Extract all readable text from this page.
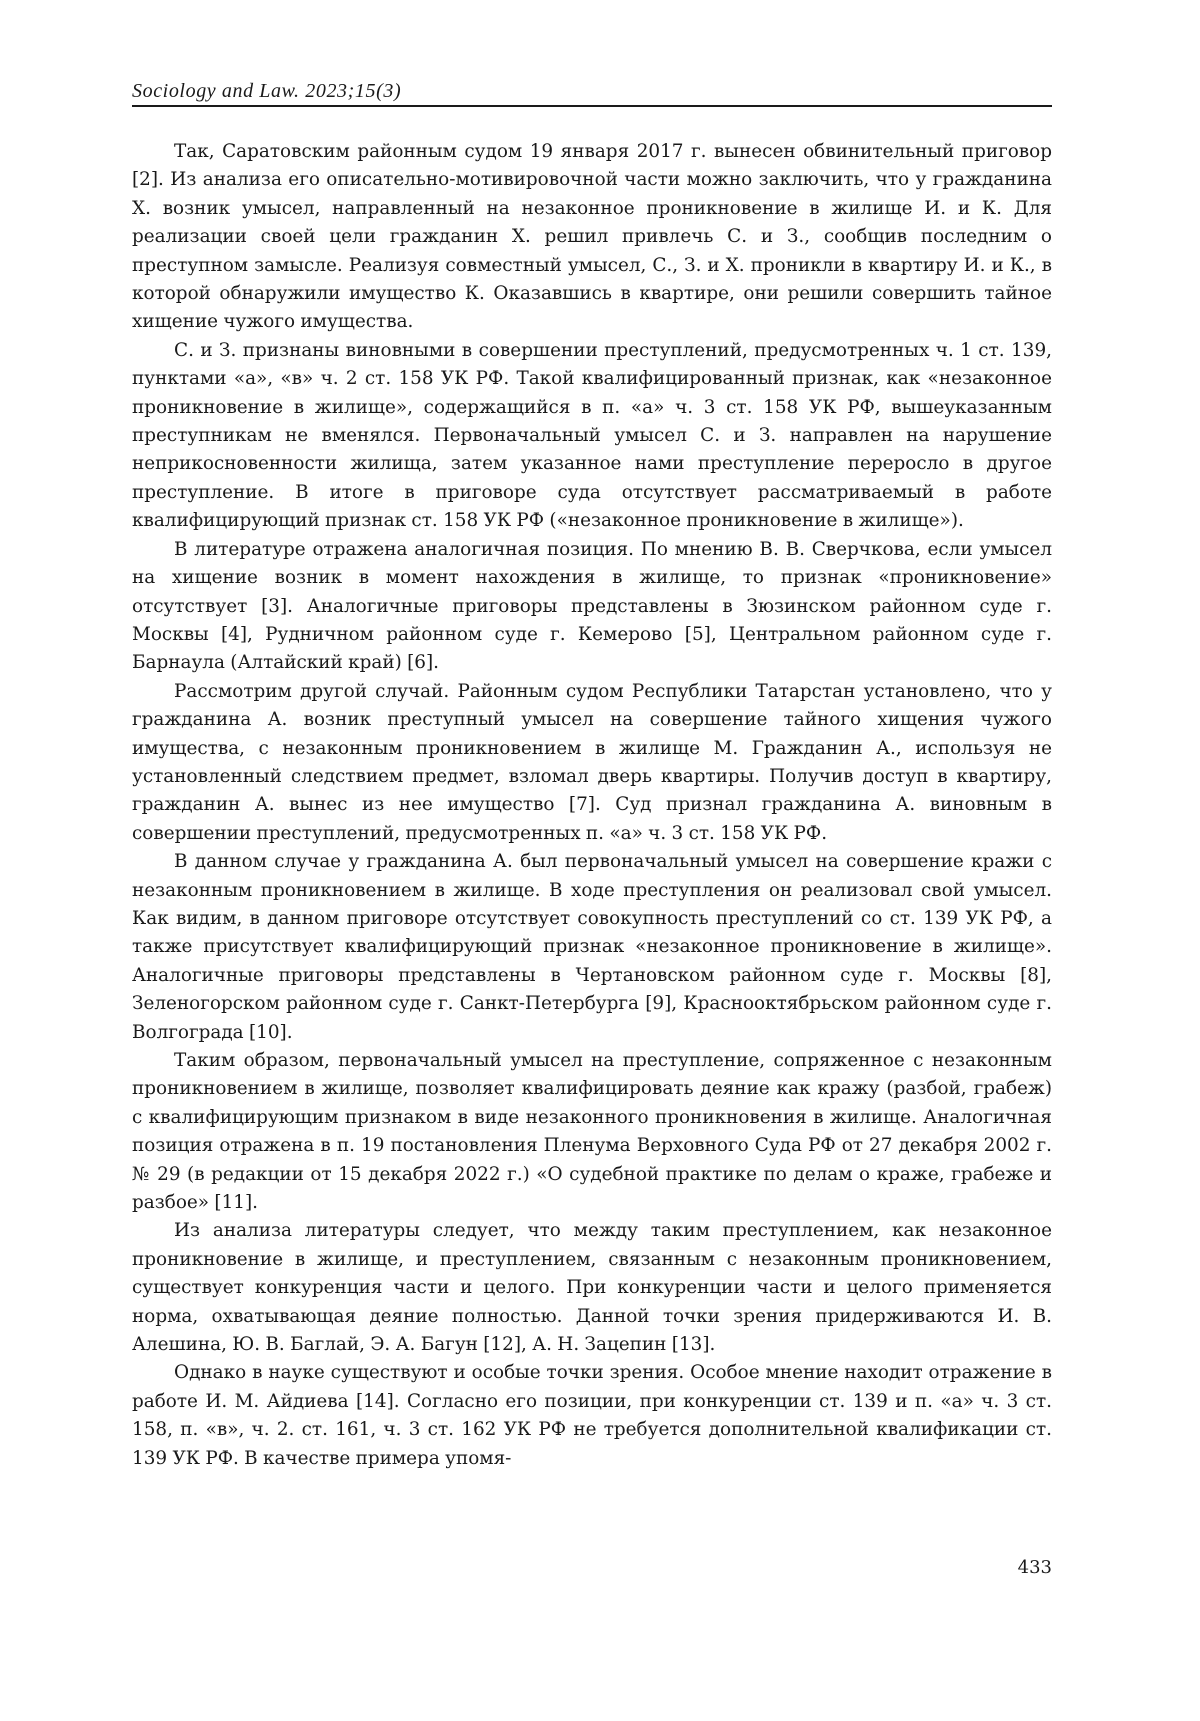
Sociology and Law. 2023;15(3)

Так, Саратовским районным судом 19 января 2017 г. вынесен обвинительный приговор [2]. Из анализа его описательно-мотивировочной части можно заключить, что у гражданина Х. возник умысел, направленный на незаконное проникновение в жилище И. и К. Для реализации своей цели гражданин Х. решил привлечь С. и З., сообщив последним о преступном замысле. Реализуя совместный умысел, С., З. и Х. проникли в квартиру И. и К., в которой обнаружили имущество К. Оказавшись в квартире, они решили совершить тайное хищение чужого имущества.

С. и З. признаны виновными в совершении преступлений, предусмотренных ч. 1 ст. 139, пунктами «а», «в» ч. 2 ст. 158 УК РФ. Такой квалифицированный признак, как «незаконное проникновение в жилище», содержащийся в п. «а» ч. 3 ст. 158 УК РФ, вышеуказанным преступникам не вменялся. Первоначальный умысел С. и З. направлен на нарушение неприкосновенности жилища, затем указанное нами преступление переросло в другое преступление. В итоге в приговоре суда отсутствует рассматриваемый в работе квалифицирующий признак ст. 158 УК РФ («незаконное проникновение в жилище»).

В литературе отражена аналогичная позиция. По мнению В. В. Сверчкова, если умысел на хищение возник в момент нахождения в жилище, то признак «проникновение» отсутствует [3]. Аналогичные приговоры представлены в Зюзинском районном суде г. Москвы [4], Рудничном районном суде г. Кемерово [5], Центральном районном суде г. Барнаула (Алтайский край) [6].

Рассмотрим другой случай. Районным судом Республики Татарстан установлено, что у гражданина А. возник преступный умысел на совершение тайного хищения чужого имущества, с незаконным проникновением в жилище М. Гражданин А., используя не установленный следствием предмет, взломал дверь квартиры. Получив доступ в квартиру, гражданин А. вынес из нее имущество [7]. Суд признал гражданина А. виновным в совершении преступлений, предусмотренных п. «а» ч. 3 ст. 158 УК РФ.

В данном случае у гражданина А. был первоначальный умысел на совершение кражи с незаконным проникновением в жилище. В ходе преступления он реализовал свой умысел. Как видим, в данном приговоре отсутствует совокупность преступлений со ст. 139 УК РФ, а также присутствует квалифицирующий признак «незаконное проникновение в жилище». Аналогичные приговоры представлены в Чертановском районном суде г. Москвы [8], Зеленогорском районном суде г. Санкт-Петербурга [9], Краснооктябрьском районном суде г. Волгограда [10].

Таким образом, первоначальный умысел на преступление, сопряженное с незаконным проникновением в жилище, позволяет квалифицировать деяние как кражу (разбой, грабеж) с квалифицирующим признаком в виде незаконного проникновения в жилище. Аналогичная позиция отражена в п. 19 постановления Пленума Верховного Суда РФ от 27 декабря 2002 г. № 29 (в редакции от 15 декабря 2022 г.) «О судебной практике по делам о краже, грабеже и разбое» [11].

Из анализа литературы следует, что между таким преступлением, как незаконное проникновение в жилище, и преступлением, связанным с незаконным проникновением, существует конкуренция части и целого. При конкуренции части и целого применяется норма, охватывающая деяние полностью. Данной точки зрения придерживаются И. В. Алешина, Ю. В. Баглай, Э. А. Багун [12], А. Н. Зацепин [13].

Однако в науке существуют и особые точки зрения. Особое мнение находит отражение в работе И. М. Айдиева [14]. Согласно его позиции, при конкуренции ст. 139 и п. «а» ч. 3 ст. 158, п. «в», ч. 2. ст. 161, ч. 3 ст. 162 УК РФ не требуется дополнительной квалификации ст. 139 УК РФ. В качестве примера упомя-

433
